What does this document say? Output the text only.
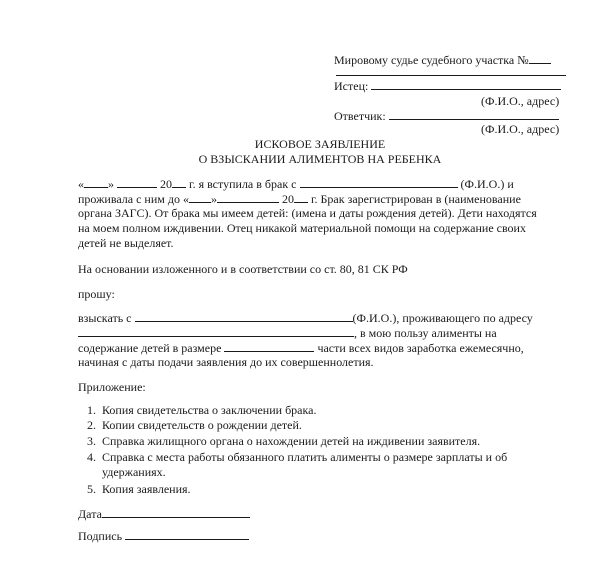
Мировому судье судебного участка №
Истец:
(Ф.И.О., адрес)
Ответчик:
(Ф.И.О., адрес)
ИСКОВОЕ ЗАЯВЛЕНИЕ
О ВЗЫСКАНИИ АЛИМЕНТОВ НА РЕБЕНКА
« »	20 г. я вступила в брак с	(Ф.И.О.) и
проживала с ним до « »	20 г. Брак зарегистрирован в (наименование
органа ЗАГС). От брака мы имеем детей: (имена и даты рождения детей). Дети находятся
на моем полном иждивении. Отец никакой материальной помощи на содержание своих
детей не выделяет.
На основании изложенного и в соответствии со ст. 80, 81 СК РФ
прошу:
взыскать с	(Ф.И.О.), проживающего по адресу
, в мою пользу алименты на
содержание детей в размере	части всех видов заработка ежемесячно,
начиная с даты подачи заявления до их совершеннолетия.
Приложение:
1. Копия свидетельства о заключении брака.
2. Копии свидетельств о рождении детей.
3. Справка жилищного органа о нахождении детей на иждивении заявителя.
4. Справка с места работы обязанного платить алименты о размере зарплаты и об
удержаниях.
5. Копия заявления.
Дата
Подпись
